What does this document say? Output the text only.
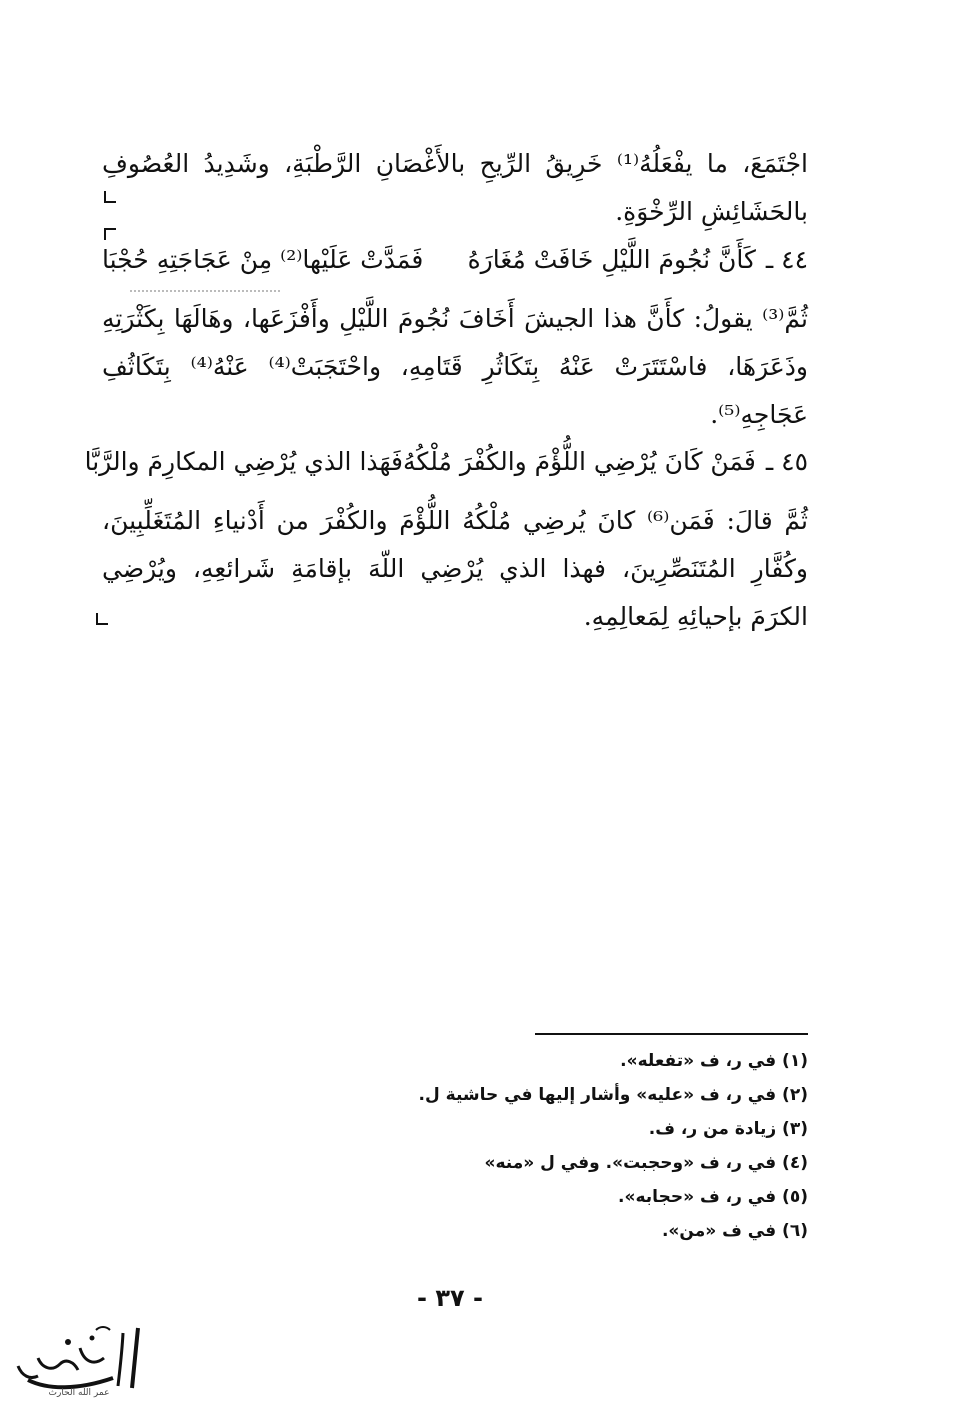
اجْتَمَعَ، ما يفْعَلُهُ⁽¹⁾ خَرِيقُ الرِّيحِ بالأَغْصَانِ الرَّطْبَةِ، وشَدِيدُ العُصُوفِ بالحَشَائِشِ الرِّخْوَةِ.
٤٤ ـ
كَأَنَّ نُجُومَ اللَّيْلِ خَافَتْ مُغَارَهُ
فَمَدَّتْ عَلَيْها⁽²⁾ مِنْ عَجَاجَتِهِ حُجْبَا
ثُمَّ⁽³⁾ يقولُ: كأَنَّ هذا الجيشَ أَخَافَ نُجُومَ اللَّيْلِ وأَفْزَعَها، وهَالَهَا بِكَثْرَتِهِ وذَعَرَهَا، فاسْتَتَرَتْ عَنْهُ بِتَكَاثُرِ قَتَامِهِ، واحْتَجَبَتْ⁽⁴⁾ عَنْهُ⁽⁴⁾ بِتَكَاثُفِ عَجَاجِهِ⁽⁵⁾.
٤٥ ـ
فَمَنْ كَانَ يُرْضِي اللُّؤْمَ والكُفْرَ مُلْكُهُ
فَهَذا الذي يُرْضِي المكارِمَ والرَّبَّا
ثُمَّ قالَ: فَمَن⁽⁶⁾ كانَ يُرضِي مُلْكُهُ اللُّؤْمَ والكُفْرَ من أَدْنياءِ المُتَغَلِّبِينَ، وكُفَّارِ المُتَنَصِّرِينَ، فهذا الذي يُرْضِي اللّهَ بإقامَةِ شَرائعِهِ، ويُرْضِي الكرَمَ بإحيائِهِ لِمَعالِمِهِ.
(١) في ر، ف «تفعله».
(٢) في ر، ف «عليه» وأشار إليها في حاشية ل.
(٣) زيادة من ر، ف.
(٤) في ر، ف «وحجبت». وفي ل «منه»
(٥) في ر، ف «حجابه».
(٦) في ف «من».
- ٣٧ -
عمر الله الحارث
